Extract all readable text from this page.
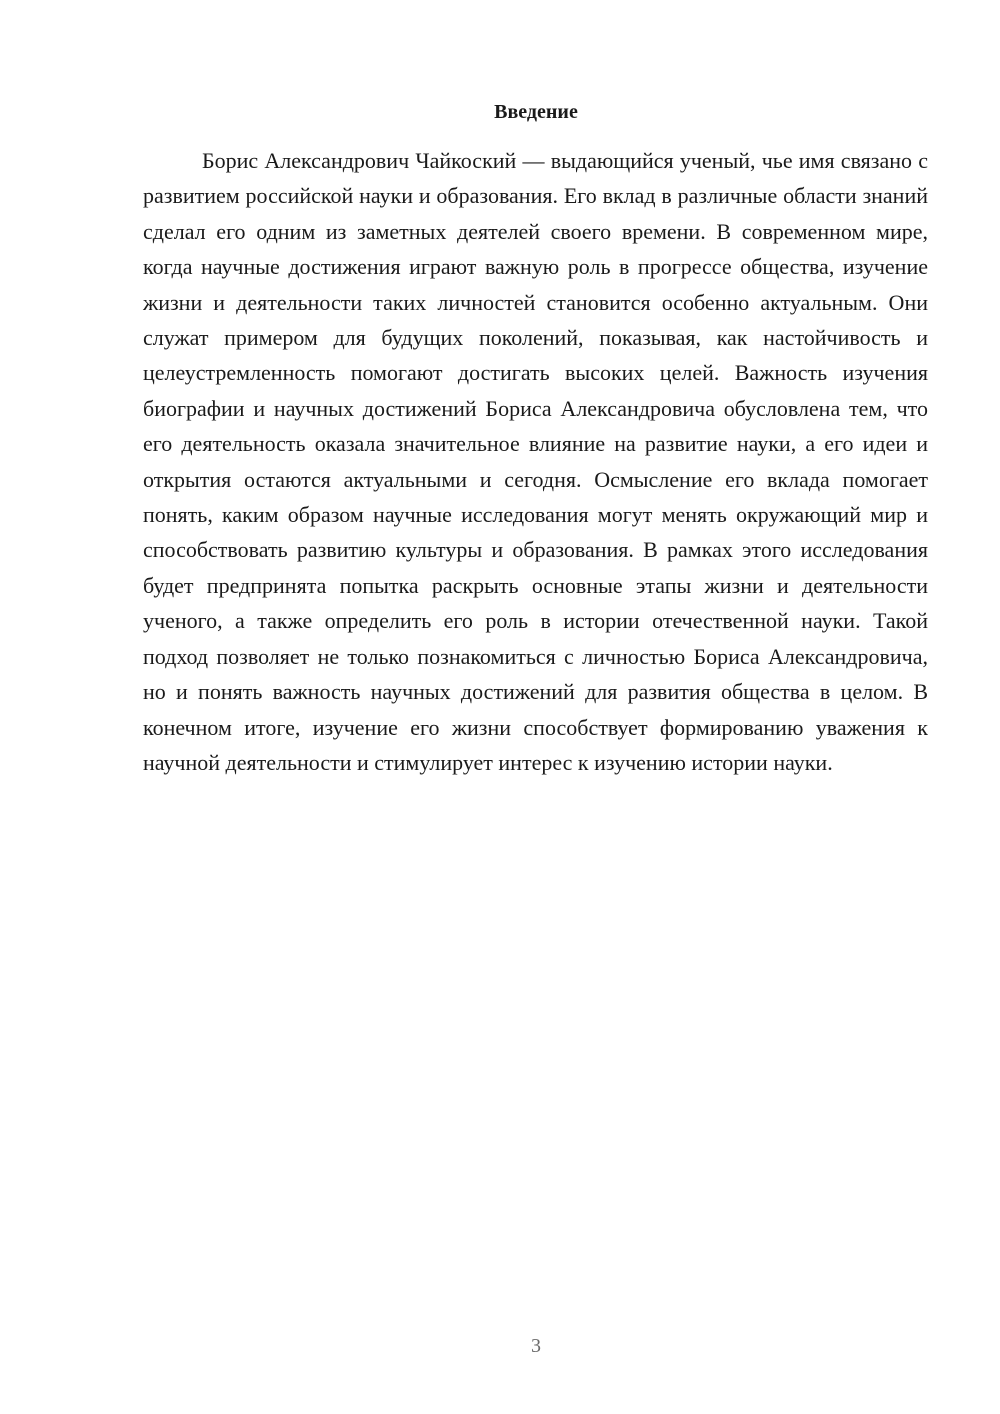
Введение

Борис Александрович Чайкоский — выдающийся ученый, чье имя связано с развитием российской науки и образования. Его вклад в различные области знаний сделал его одним из заметных деятелей своего времени. В современном мире, когда научные достижения играют важную роль в прогрессе общества, изучение жизни и деятельности таких личностей становится особенно актуальным. Они служат примером для будущих поколений, показывая, как настойчивость и целеустремленность помогают достигать высоких целей. Важность изучения биографии и научных достижений Бориса Александровича обусловлена тем, что его деятельность оказала значительное влияние на развитие науки, а его идеи и открытия остаются актуальными и сегодня. Осмысление его вклада помогает понять, каким образом научные исследования могут менять окружающий мир и способствовать развитию культуры и образования. В рамках этого исследования будет предпринята попытка раскрыть основные этапы жизни и деятельности ученого, а также определить его роль в истории отечественной науки. Такой подход позволяет не только познакомиться с личностью Бориса Александровича, но и понять важность научных достижений для развития общества в целом. В конечном итоге, изучение его жизни способствует формированию уважения к научной деятельности и стимулирует интерес к изучению истории науки.

3
